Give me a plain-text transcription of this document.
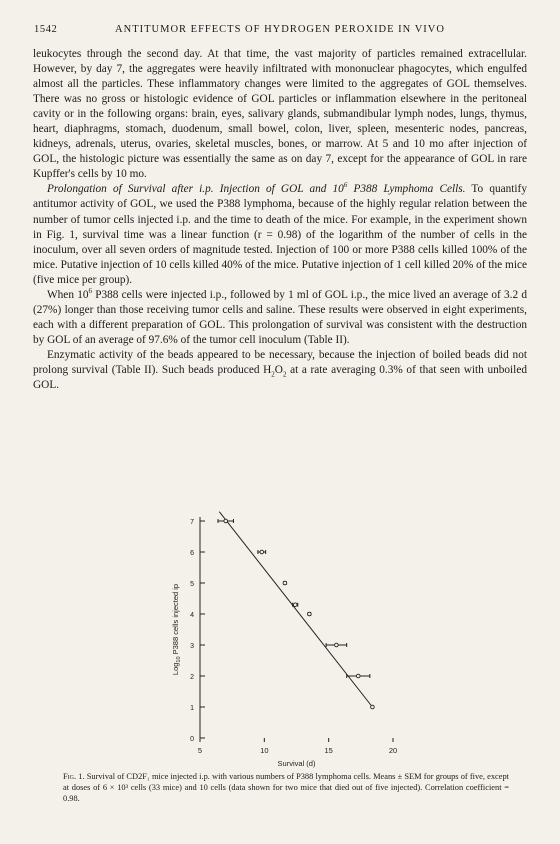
1542	ANTITUMOR EFFECTS OF HYDROGEN PEROXIDE IN VIVO

leukocytes through the second day. At that time, the vast majority of particles remained extracellular. However, by day 7, the aggregates were heavily infiltrated with mononuclear phagocytes, which engulfed almost all the particles. These inflammatory changes were limited to the aggregates of GOL themselves. There was no gross or histologic evidence of GOL particles or inflammation elsewhere in the peritoneal cavity or in the following organs: brain, eyes, salivary glands, submandibular lymph nodes, lungs, thymus, heart, diaphragms, stomach, duodenum, small bowel, colon, liver, spleen, mesenteric nodes, pancreas, kidneys, adrenals, uterus, ovaries, skeletal muscles, bones, or marrow. At 5 and 10 mo after injection of GOL, the histologic picture was essentially the same as on day 7, except for the appearance of GOL in rare Kupffer's cells by 10 mo.

Prolongation of Survival after i.p. Injection of GOL and $10^6$ P388 Lymphoma Cells. To quantify antitumor activity of GOL, we used the P388 lymphoma, because of the highly regular relation between the number of tumor cells injected i.p. and the time to death of the mice. For example, in the experiment shown in Fig. 1, survival time was a linear function (r = 0.98) of the logarithm of the number of cells in the inoculum, over all seven orders of magnitude tested. Injection of 100 or more P388 cells killed 100% of the mice. Putative injection of 10 cells killed 40% of the mice. Putative injection of 1 cell killed 20% of the mice (five mice per group).

When $10^6$ P388 cells were injected i.p., followed by 1 ml of GOL i.p., the mice lived an average of 3.2 d (27%) longer than those receiving tumor cells and saline. These results were observed in eight experiments, each with a different preparation of GOL. This prolongation of survival was consistent with the destruction by GOL of an average of 97.6% of the tumor cell inoculum (Table II).

Enzymatic activity of the beads appeared to be necessary, because the injection of boiled beads did not prolong survival (Table II). Such beads produced $H_2O_2$ at a rate averaging 0.3% of that seen with unboiled GOL.

0
1
2
3
4
5
6
7
5	10	15	20
Survival (d)
Log$_{10}$ P388 cells injected ip
Fig. 1. Survival of CD2F₁ mice injected i.p. with various numbers of P388 lymphoma cells. Means ± SEM for groups of five, except at doses of 6 × 10³ cells (33 mice) and 10 cells (data shown for two mice that died out of five injected). Correlation coefficient = 0.98.
